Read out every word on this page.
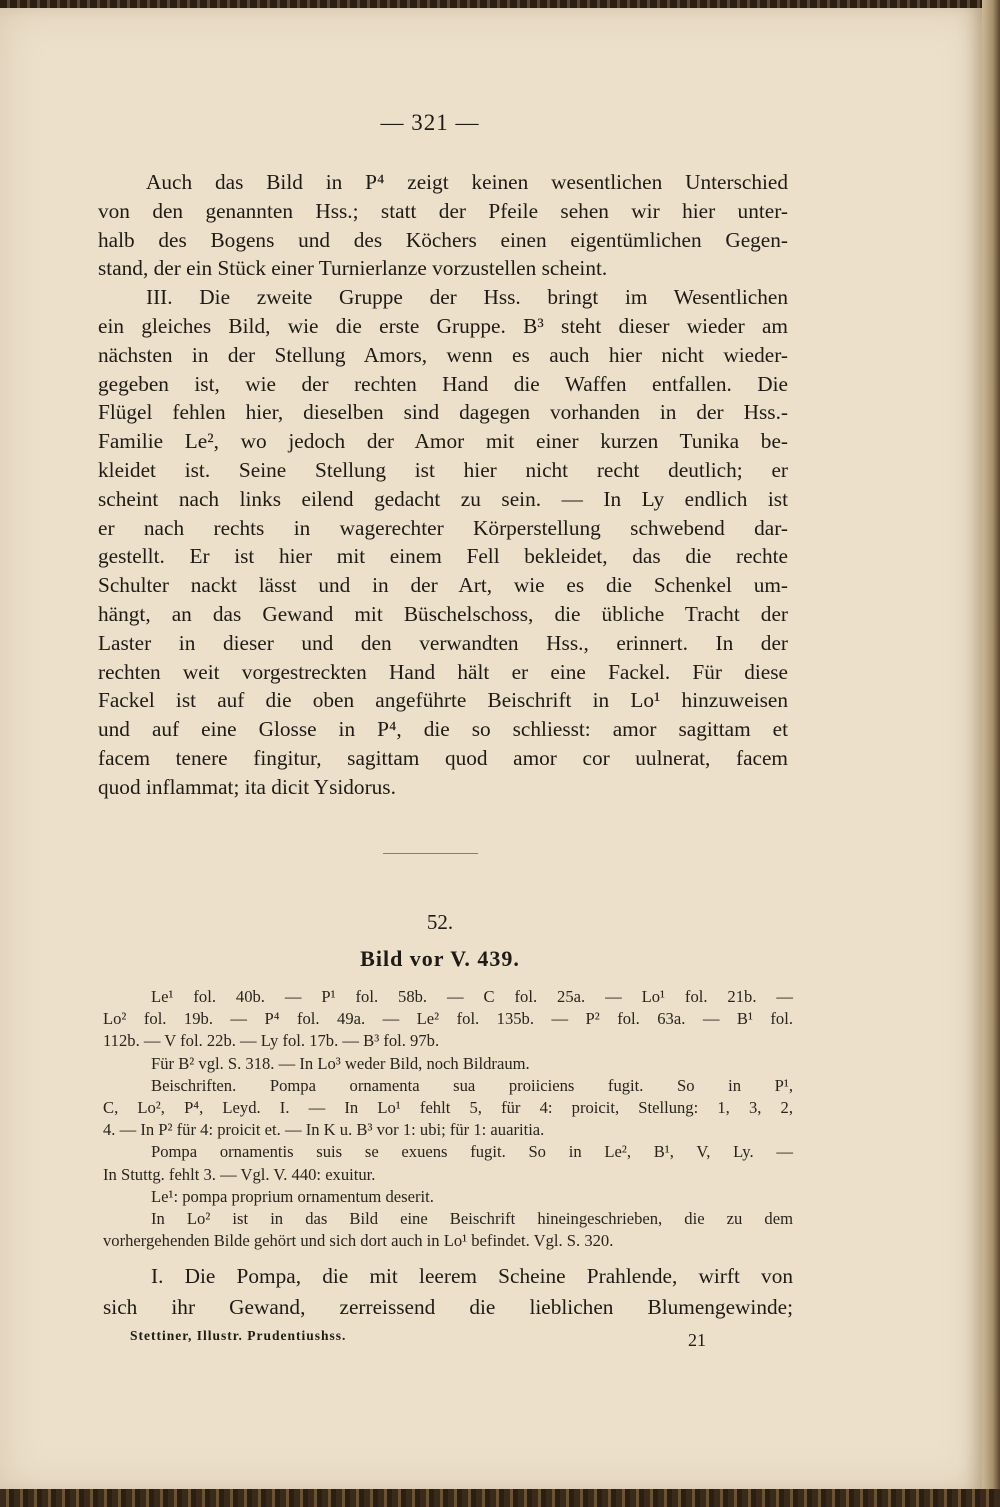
— 321 —
Auch das Bild in P⁴ zeigt keinen wesentlichen Unterschied
von den genannten Hss.; statt der Pfeile sehen wir hier unter-
halb des Bogens und des Köchers einen eigentümlichen Gegen-
stand, der ein Stück einer Turnierlanze vorzustellen scheint.
III. Die zweite Gruppe der Hss. bringt im Wesentlichen
ein gleiches Bild, wie die erste Gruppe. B³ steht dieser wieder am
nächsten in der Stellung Amors, wenn es auch hier nicht wieder-
gegeben ist, wie der rechten Hand die Waffen entfallen. Die
Flügel fehlen hier, dieselben sind dagegen vorhanden in der Hss.-
Familie Le², wo jedoch der Amor mit einer kurzen Tunika be-
kleidet ist. Seine Stellung ist hier nicht recht deutlich; er
scheint nach links eilend gedacht zu sein. — In Ly endlich ist
er nach rechts in wagerechter Körperstellung schwebend dar-
gestellt. Er ist hier mit einem Fell bekleidet, das die rechte
Schulter nackt lässt und in der Art, wie es die Schenkel um-
hängt, an das Gewand mit Büschelschoss, die übliche Tracht der
Laster in dieser und den verwandten Hss., erinnert. In der
rechten weit vorgestreckten Hand hält er eine Fackel. Für diese
Fackel ist auf die oben angeführte Beischrift in Lo¹ hinzuweisen
und auf eine Glosse in P⁴, die so schliesst: amor sagittam et
facem tenere fingitur, sagittam quod amor cor uulnerat, facem
quod inflammat; ita dicit Ysidorus.
52.
Bild vor V. 439.
Le¹ fol. 40b. — P¹ fol. 58b. — C fol. 25a. — Lo¹ fol. 21b. —
Lo² fol. 19b. — P⁴ fol. 49a. — Le² fol. 135b. — P² fol. 63a. — B¹ fol.
112b. — V fol. 22b. — Ly fol. 17b. — B³ fol. 97b.
Für B² vgl. S. 318. — In Lo³ weder Bild, noch Bildraum.
Beischriften. Pompa ornamenta sua proiiciens fugit. So in P¹,
C, Lo², P⁴, Leyd. I. — In Lo¹ fehlt 5, für 4: proicit, Stellung: 1, 3, 2,
4. — In P² für 4: proicit et. — In K u. B³ vor 1: ubi; für 1: auaritia.
Pompa ornamentis suis se exuens fugit. So in Le², B¹, V, Ly. —
In Stuttg. fehlt 3. — Vgl. V. 440: exuitur.
Le¹: pompa proprium ornamentum deserit.
In Lo² ist in das Bild eine Beischrift hineingeschrieben, die zu dem
vorhergehenden Bilde gehört und sich dort auch in Lo¹ befindet. Vgl. S. 320.
I. Die Pompa, die mit leerem Scheine Prahlende, wirft von
sich ihr Gewand, zerreissend die lieblichen Blumengewinde;
Stettiner, Illustr. Prudentiushss.	21
